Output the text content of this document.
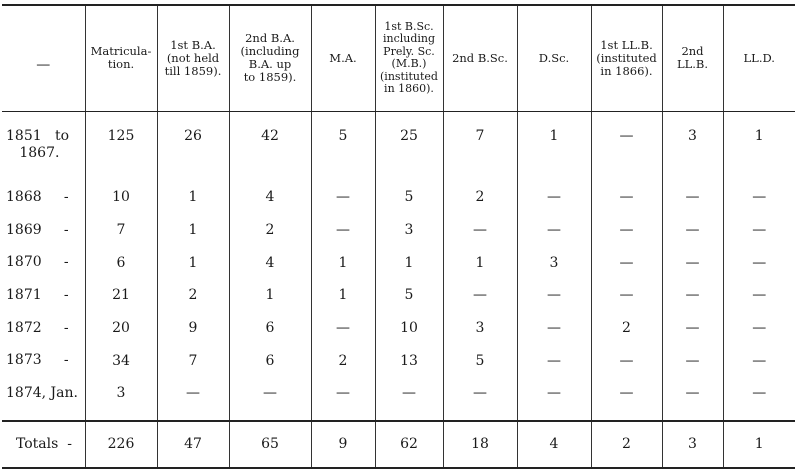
—	Matricula-
tion.	1st B.A.
(not held
till 1859).	2nd B.A.
(including
B.A. up
to 1859).	M.A.	1st B.Sc.
including
Prely. Sc.
(M.B.)
(instituted in 1860).	2nd B.Sc.	D.Sc.	1st LL.B.
(instituted
in 1866).	2nd LL.B.	LL.D.
1851   to
1867.	125	26	42	5	25	7	1	—	3	1
1868     -	10	1	4	—	5	2	—	—	—	—
1869     -	7	1	2	—	3	—	—	—	—	—
1870     -	6	1	4	1	1	1	3	—	—	—
1871     -	21	2	1	1	5	—	—	—	—	—
1872     -	20	9	6	—	10	3	—	2	—	—
1873     -	34	7	6	2	13	5	—	—	—	—
1874, Jan.	3	—	—	—	—	—	—	—	—	—

Totals  -	226	47	65	9	62	18	4	2	3	1
